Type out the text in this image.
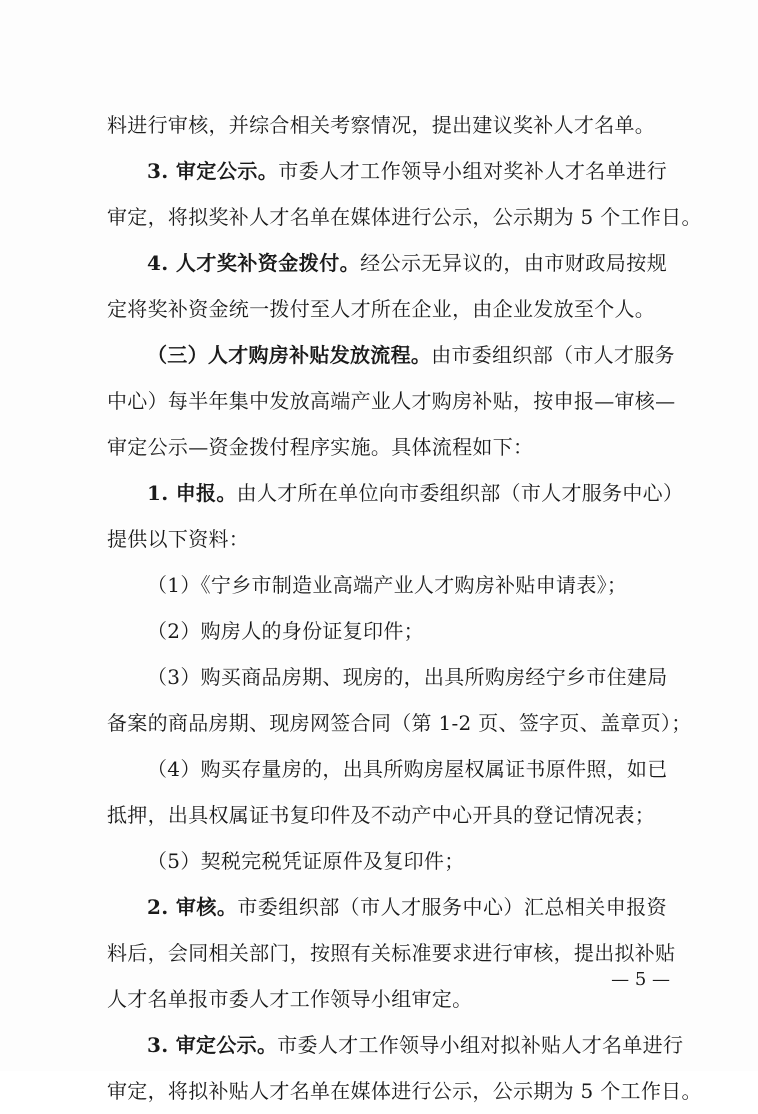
料进行审核，并综合相关考察情况，提出建议奖补人才名单。
3. 审定公示。市委人才工作领导小组对奖补人才名单进行
审定，将拟奖补人才名单在媒体进行公示，公示期为 5 个工作日。
4. 人才奖补资金拨付。经公示无异议的，由市财政局按规
定将奖补资金统一拨付至人才所在企业，由企业发放至个人。
（三）人才购房补贴发放流程。由市委组织部（市人才服务
中心）每半年集中发放高端产业人才购房补贴，按申报—审核—
审定公示—资金拨付程序实施。具体流程如下：
1. 申报。由人才所在单位向市委组织部（市人才服务中心）
提供以下资料：
（1）《宁乡市制造业高端产业人才购房补贴申请表》；
（2）购房人的身份证复印件；
（3）购买商品房期、现房的，出具所购房经宁乡市住建局
备案的商品房期、现房网签合同（第 1-2 页、签字页、盖章页）；
（4）购买存量房的，出具所购房屋权属证书原件照，如已
抵押，出具权属证书复印件及不动产中心开具的登记情况表；
（5）契税完税凭证原件及复印件；
2. 审核。市委组织部（市人才服务中心）汇总相关申报资
料后，会同相关部门，按照有关标准要求进行审核，提出拟补贴
人才名单报市委人才工作领导小组审定。
3. 审定公示。市委人才工作领导小组对拟补贴人才名单进行
审定，将拟补贴人才名单在媒体进行公示，公示期为 5 个工作日。
— 5 —
